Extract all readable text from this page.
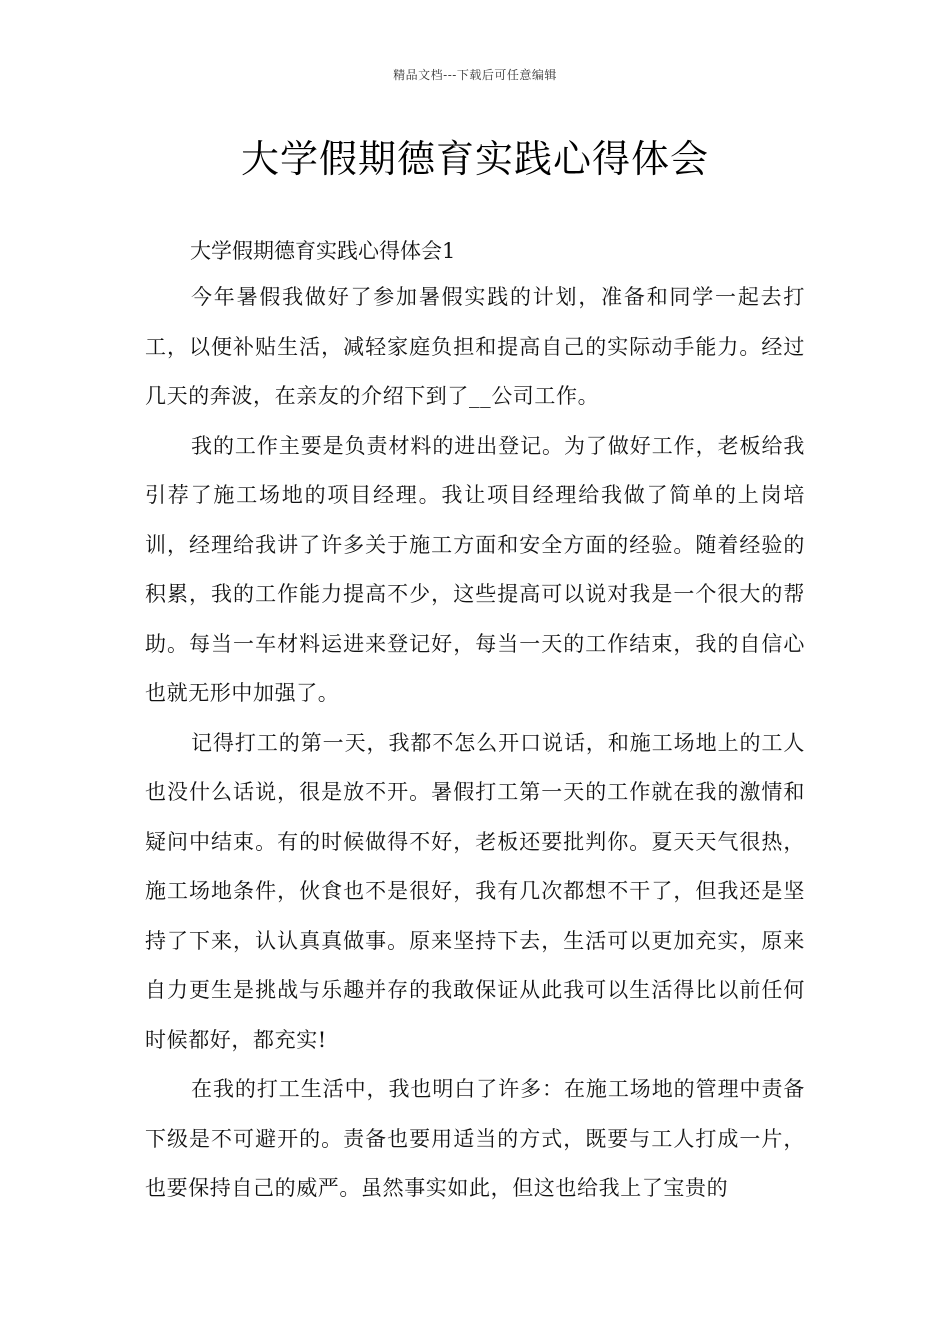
精品文档---下载后可任意编辑
大学假期德育实践心得体会

大学假期德育实践心得体会1

今年暑假我做好了参加暑假实践的计划，准备和同学一起去打工，以便补贴生活，减轻家庭负担和提高自己的实际动手能力。经过几天的奔波，在亲友的介绍下到了__公司工作。

我的工作主要是负责材料的进出登记。为了做好工作，老板给我引荐了施工场地的项目经理。我让项目经理给我做了简单的上岗培训，经理给我讲了许多关于施工方面和安全方面的经验。随着经验的积累，我的工作能力提高不少，这些提高可以说对我是一个很大的帮助。每当一车材料运进来登记好，每当一天的工作结束，我的自信心也就无形中加强了。

记得打工的第一天，我都不怎么开口说话，和施工场地上的工人也没什么话说，很是放不开。暑假打工第一天的工作就在我的激情和疑问中结束。有的时候做得不好，老板还要批判你。夏天天气很热，施工场地条件，伙食也不是很好，我有几次都想不干了，但我还是坚持了下来，认认真真做事。原来坚持下去，生活可以更加充实，原来自力更生是挑战与乐趣并存的我敢保证从此我可以生活得比以前任何时候都好，都充实!

在我的打工生活中，我也明白了许多：在施工场地的管理中责备下级是不可避开的。责备也要用适当的方式，既要与工人打成一片，也要保持自己的威严。虽然事实如此，但这也给我上了宝贵的
